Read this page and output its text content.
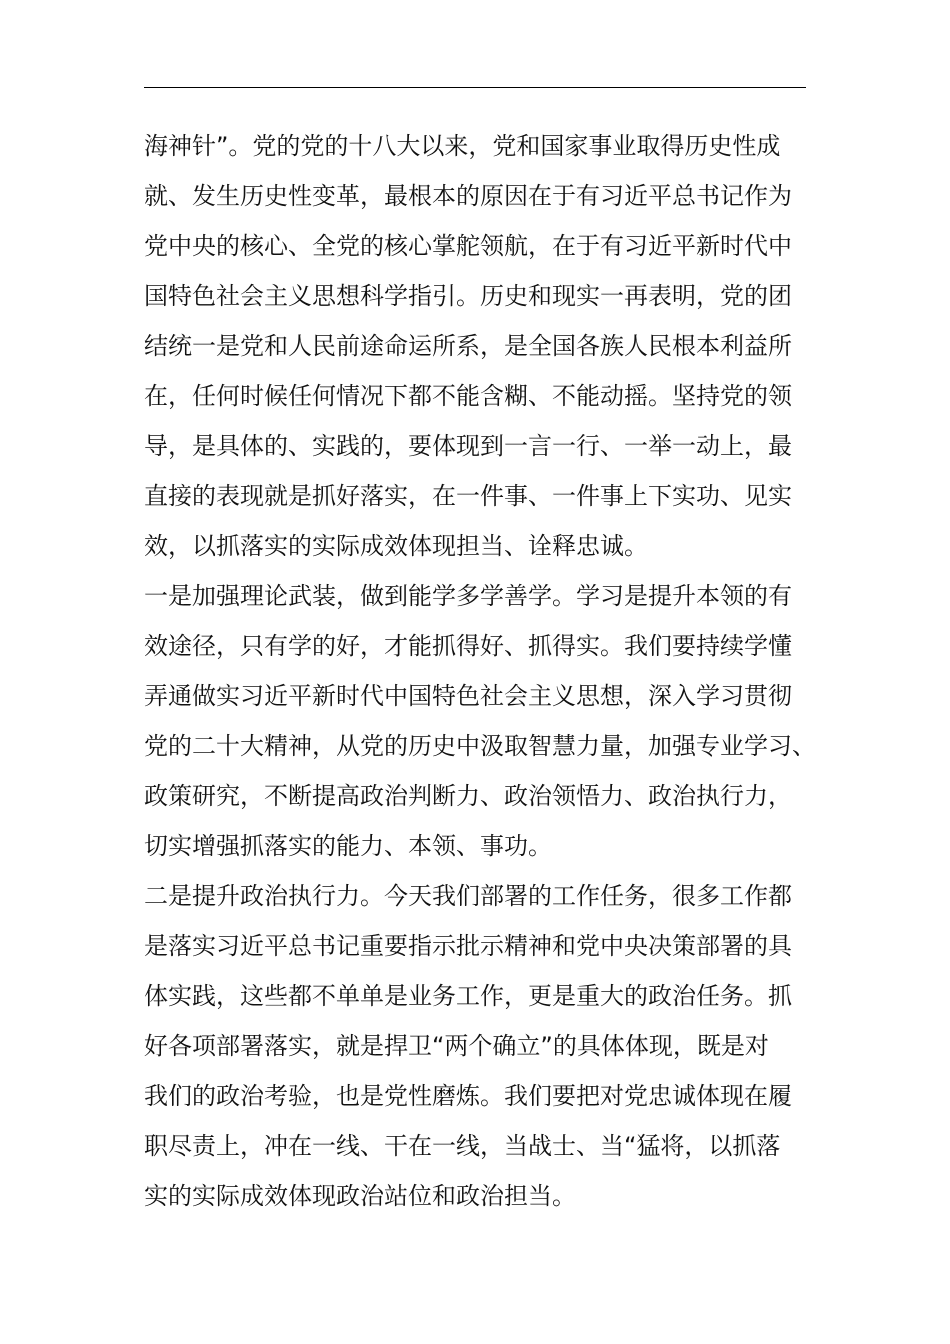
海神针”。党的党的十八大以来，党和国家事业取得历史性成
就、发生历史性变革，最根本的原因在于有习近平总书记作为
党中央的核心、全党的核心掌舵领航，在于有习近平新时代中
国特色社会主义思想科学指引。历史和现实一再表明，党的团
结统一是党和人民前途命运所系，是全国各族人民根本利益所
在，任何时候任何情况下都不能含糊、不能动摇。坚持党的领
导，是具体的、实践的，要体现到一言一行、一举一动上，最
直接的表现就是抓好落实，在一件事、一件事上下实功、见实
效，以抓落实的实际成效体现担当、诠释忠诚。
一是加强理论武装，做到能学多学善学。学习是提升本领的有
效途径，只有学的好，才能抓得好、抓得实。我们要持续学懂
弄通做实习近平新时代中国特色社会主义思想，深入学习贯彻
党的二十大精神，从党的历史中汲取智慧力量，加强专业学习、
政策研究，不断提高政治判断力、政治领悟力、政治执行力，
切实增强抓落实的能力、本领、事功。
二是提升政治执行力。今天我们部署的工作任务，很多工作都
是落实习近平总书记重要指示批示精神和党中央决策部署的具
体实践，这些都不单单是业务工作，更是重大的政治任务。抓
好各项部署落实，就是捍卫“两个确立”的具体体现，既是对
我们的政治考验，也是党性磨炼。我们要把对党忠诚体现在履
职尽责上，冲在一线、干在一线，当战士、当“猛将，以抓落
实的实际成效体现政治站位和政治担当。
